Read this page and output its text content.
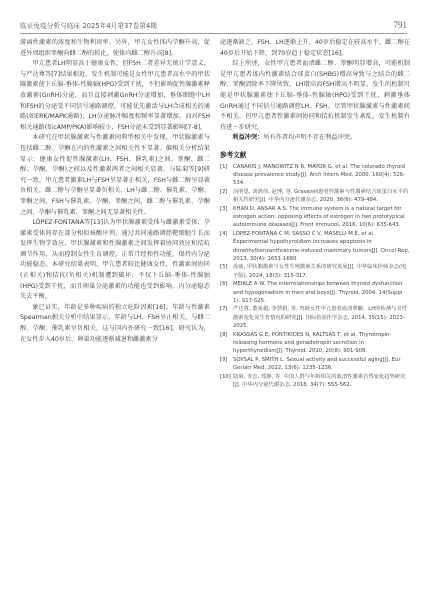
临证免疫分析与临床 2025年4月第37卷第4期	791

游离性激素的浓度和生物利用率。另外，甲亢女性体内孕酮升高，促进外周组织睾酮向雌二醇的转化，使体内雌二醇升高[8]。

甲亢患者LH明显高于健康女性，但FSH二者差异无统计学意义，与严达尊等[7]结果相近。发生机制可能是女性甲亢患者高水平的甲状腺激素使下丘脑-垂体-性腺轴(HPG)受到干扰，不但影响促性腺激素释放激素(GnRH)分泌，而且直接刺激GnRH分泌增加，垂体细胞中LH和FSH的分泌受不同信号通路调控，可能优先激活与LH合成相关的通路(如ERK/MAPK通路)，LH分泌脉冲幅度和频率显著增加，而对FSH相关通路(如cAMP/PKA)影响较小，FSH分泌未受到显著影响[7-8]。

本研究在甲状腺激素与性激素间典型相关中发现，甲状腺激素与包括雌二醇、孕酮在内的性激素之间相关性不显著。偏相关分析结果显示：健康女性促性腺激素(LH、FSH、催乳素)之间，睾酮、雌二醇、孕酮、孕酮)之间以及性激素两者之间相关显著，与陆菊等[9]研究一致。甲亢患者激素LH与FSH呈显著正相关，FSH与雌二醇呈显著负相关，雌二醇与孕酮呈显著负相关，LH与雌二醇、催乳素、孕酮、睾酮之间，FSH与催乳素、孕酮、睾酮之间，雌二醇与催乳素、孕酮之间，孕酮与催乳素、睾酮之间无显著相关性。

LÓPEZ-FONTANA等[13]认为甲状腺激素受体与雌激素受体、孕激素受体间存在部分相似核酸序列，通过共同通路调控靶细胞生长而发挥生物学效应，甲状腺激素和性腺激素之间发挥着协同效应和拮抗调节作用，从而控制女性生育调控，正常月经和性功能，保持内分泌功能稳态。本研究结果表明，甲亢患者较比健康女性，性激素间协同(正相关)和拮抗(负相关)机制遭到破坏，不仅下丘脑-垂体-性腺轴(HPG)受到干扰，而且卵巢分泌激素的功能也受到影响，内分泌稳态失去平衡。

象已证实，年龄是多种疾病的独立危险因素[16]。年龄与性激素Spearman相关分析中结果显示，年龄与LH、FSH呈正相关，与雌二醇、孕酮、催乳素呈负相关，这与国内外研究一致[16]。研究认为，在女性步入40岁后，卵巢功能逐渐减退和雌激素分

泌逐渐缺乏，FSH、LH逐渐上升，40岁后稳定在较高水平，雌二醇在40岁后开始下降，到70岁趋于稳定状态[16]。

综上所述，女性甲亢患者血清雌二醇、睾酮明显增高，可能机制是甲亢患者体内性激素结合球蛋白(SHBG)增高导致与之结合的雌二醇、睾酮清除率下降所致，LH增高而FSH增高不明显，发生的机制可能是甲状腺激素使下丘脑-垂体-性腺轴(HPG)受到干扰，刺激垂体GnRH通过不同信号通路调控LH、FSH。尽管甲状腺激素与性激素间不相关，但甲亢患者性激素间协同和拮抗机制发生紊乱，发生机制有待进一步研究。

利益冲突：所有作者均声明不存在利益冲突。

参考文献
[1]	CANARIS J, MANOWITZ N R, MAYOR G, et al. The colorado thyroid disease prevalence study[J]. Arch Intern Med, 2000, 160(4): 526-534.
[2]	冯明恩, 刘鸿伟, 赵博, 等. Graves病患者性激素与性激素结合球蛋白水平的相关性研究[J]. 中华内分泌代谢杂志, 2020, 36(6): 479-484.
[3]	KHAN D, ANSAR A S. The immune system is a natural target for estrogen action: opposing effects of estrogen in two prototypical autoimmune diseases[J]. Front Immunol, 2016, 10(6): 635-643.
[4]	LÓPEZ-FONTANA C M, SASSO C V, MASELLI M E, et al. Experimental hypothyroidism increases apoptosis in dimethylbenzanthracene-induced mammary tumors[J]. Oncol Rep, 2013, 30(4): 1651-1660.
[5]	汝丽, 甲状腺激素与女性生殖激素关系的研究进展[J]. 中华临床医师杂志(电子版), 2024, 18(3): 315-317.
[6]	MEIKLE A W. The interrelationships between thyroid dysfunction and hypogonadism in men and boys[J]. Thyroid, 2004, 14(Suppl 1): S17-S25.
[7]	严达尊, 董荣超, 李慧娟, 等. 育龄女性甲亢患者血清睾酮、LH的检测与其性激素变化及生育情况的研究[J]. 国际检验医学杂志, 2014, 35(15): 2023-2025.
[8]	KRASSAS G E, PONTIKIDES N, KALTSAS T, et al. Thyrotropin-releasing hormone and gonadotropin secretion in hyperthyroidism[J]. Thyroid, 2010, 20(8): 901-908.
[9]	SOYSAL P, SMITH L. Sexual activity and successful aging[J]. Eur Geriatr Med, 2022, 13(6): 1235-1236.
[10] 陆菊, 李志, 郑静, 等. 中国人群与年龄相关的血清性激素自然变化趋势研究[J]. 中华内分泌代谢杂志, 2018, 34(7): 555-562.
